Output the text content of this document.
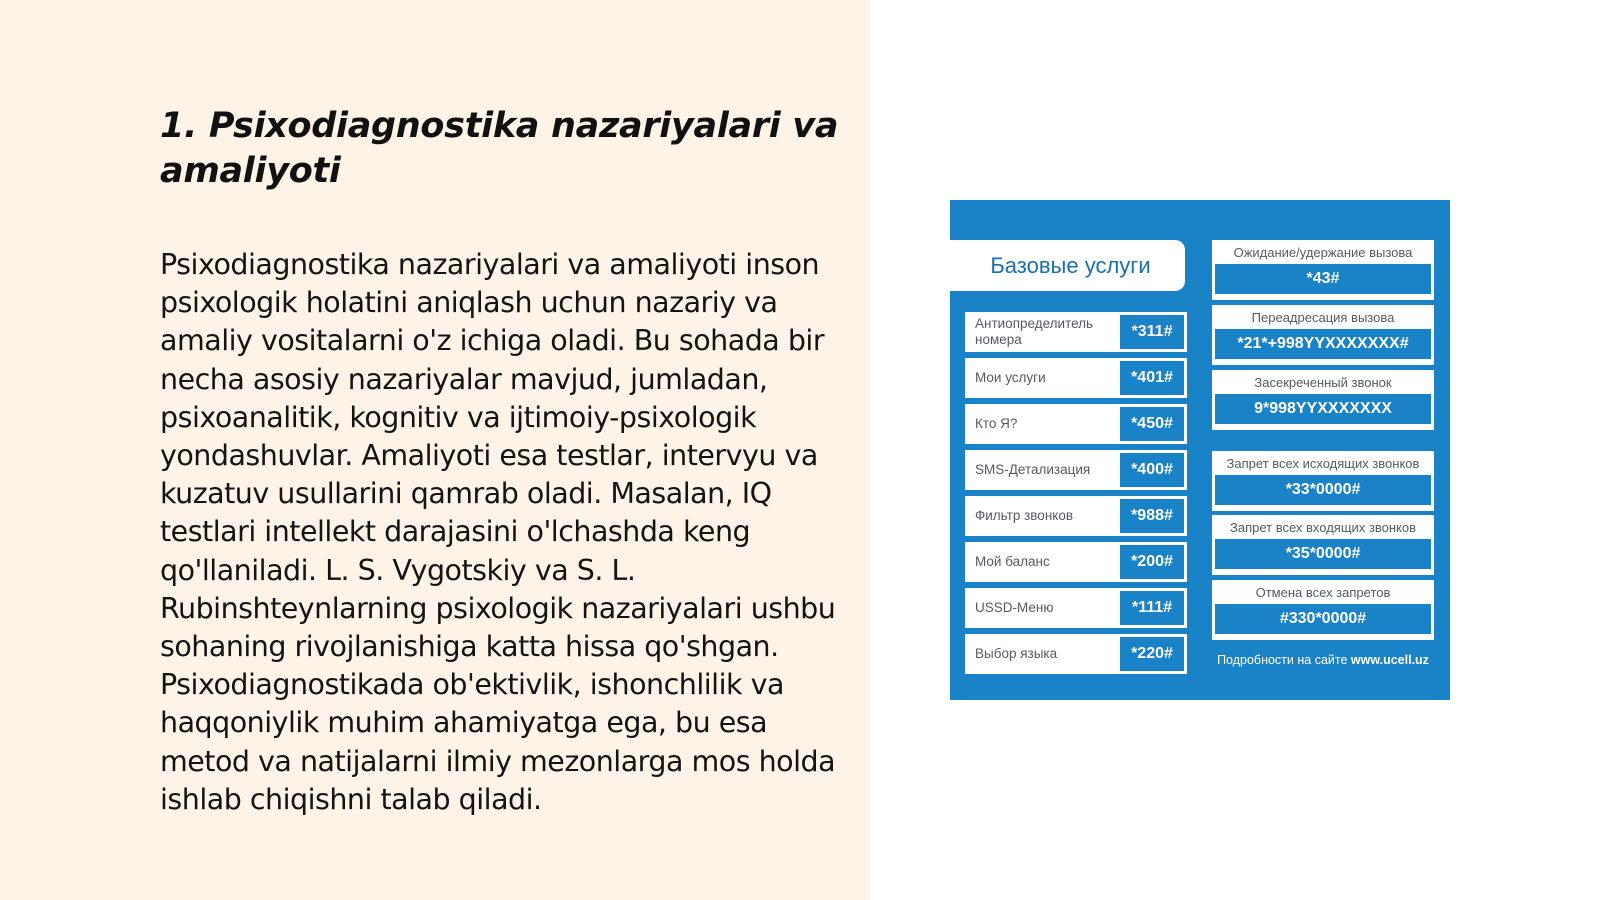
1. Psixodiagnostika nazariyalari va amaliyoti

Psixodiagnostika nazariyalari va amaliyoti inson psixologik holatini aniqlash uchun nazariy va amaliy vositalarni o'z ichiga oladi. Bu sohada bir necha asosiy nazariyalar mavjud, jumladan, psixoanalitik, kognitiv va ijtimoiy-psixologik yondashuvlar. Amaliyoti esa testlar, intervyu va kuzatuv usullarini qamrab oladi. Masalan, IQ testlari intellekt darajasini o'lchashda keng qo'llaniladi. L. S. Vygotskiy va S. L. Rubinshteynlarning psixologik nazariyalari ushbu sohaning rivojlanishiga katta hissa qo'shgan. Psixodiagnostikada ob'ektivlik, ishonchlilik va haqqoniylik muhim ahamiyatga ega, bu esa metod va natijalarni ilmiy mezonlarga mos holda ishlab chiqishni talab qiladi.

Базовые услуги
Антиопределитель номера	*311#
Мои услуги	*401#
Кто Я?	*450#
SMS-Детализация	*400#
Фильтр звонков	*988#
Мой баланс	*200#
USSD-Меню	*111#
Выбор языка	*220#
Ожидание/удержание вызова
*43#
Переадресация вызова
*21*+998YYXXXXXXX#
Засекреченный звонок
9*998YYXXXXXXX
Запрет всех исходящих звонков
*33*0000#
Запрет всех входящих звонков
*35*0000#
Отмена всех запретов
#330*0000#
Подробности на сайте www.ucell.uz
